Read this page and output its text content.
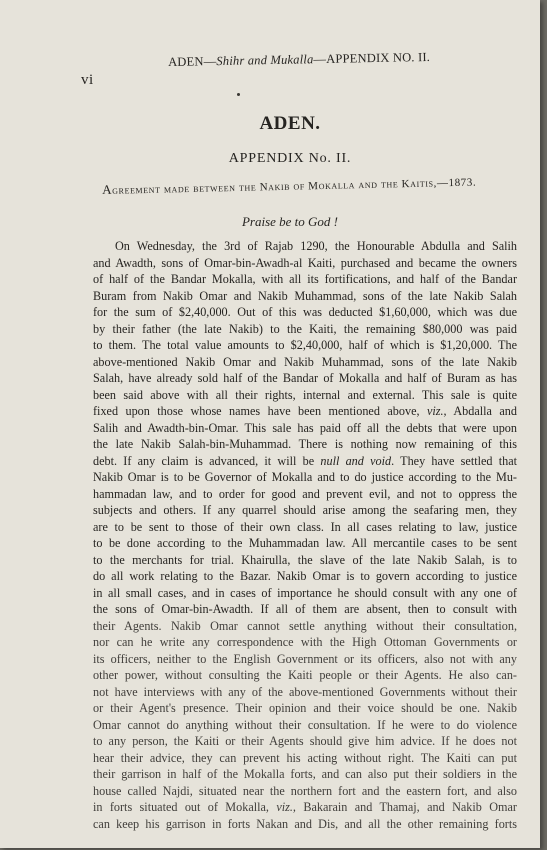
vi
ADEN—Shihr and Mukalla—APPENDIX NO. II.
ADEN.
APPENDIX No. II.
Agreement made between the Nakib of Mokalla and the Kaitis,—1873.
Praise be to God !
On Wednesday, the 3rd of Rajab 1290, the Honourable Abdulla and Salih
and Awadth, sons of Omar-bin-Awadh-al Kaiti, purchased and became the owners
of half of the Bandar Mokalla, with all its fortifications, and half of the Bandar
Buram from Nakib Omar and Nakib Muhammad, sons of the late Nakib Salah
for the sum of $2,40,000. Out of this was deducted $1,60,000, which was due
by their father (the late Nakib) to the Kaiti, the remaining $80,000 was paid
to them. The total value amounts to $2,40,000, half of which is $1,20,000. The
above-mentioned Nakib Omar and Nakib Muhammad, sons of the late Nakib
Salah, have already sold half of the Bandar of Mokalla and half of Buram as has
been said above with all their rights, internal and external. This sale is quite
fixed upon those whose names have been mentioned above, viz., Abdalla and
Salih and Awadth-bin-Omar. This sale has paid off all the debts that were upon
the late Nakib Salah-bin-Muhammad. There is nothing now remaining of this
debt. If any claim is advanced, it will be null and void. They have settled that
Nakib Omar is to be Governor of Mokalla and to do justice according to the Mu-
hammadan law, and to order for good and prevent evil, and not to oppress the
subjects and others. If any quarrel should arise among the seafaring men, they
are to be sent to those of their own class. In all cases relating to law, justice
to be done according to the Muhammadan law. All mercantile cases to be sent
to the merchants for trial. Khairulla, the slave of the late Nakib Salah, is to
do all work relating to the Bazar. Nakib Omar is to govern according to justice
in all small cases, and in cases of importance he should consult with any one of
the sons of Omar-bin-Awadth. If all of them are absent, then to consult with
their Agents. Nakib Omar cannot settle anything without their consultation,
nor can he write any correspondence with the High Ottoman Governments or
its officers, neither to the English Government or its officers, also not with any
other power, without consulting the Kaiti people or their Agents. He also can-
not have interviews with any of the above-mentioned Governments without their
or their Agent's presence. Their opinion and their voice should be one. Nakib
Omar cannot do anything without their consultation. If he were to do violence
to any person, the Kaiti or their Agents should give him advice. If he does not
hear their advice, they can prevent his acting without right. The Kaiti can put
their garrison in half of the Mokalla forts, and can also put their soldiers in the
house called Najdi, situated near the northern fort and the eastern fort, and also
in forts situated out of Mokalla, viz., Bakarain and Thamaj, and Nakib Omar
can keep his garrison in forts Nakan and Dis, and all the other remaining forts
